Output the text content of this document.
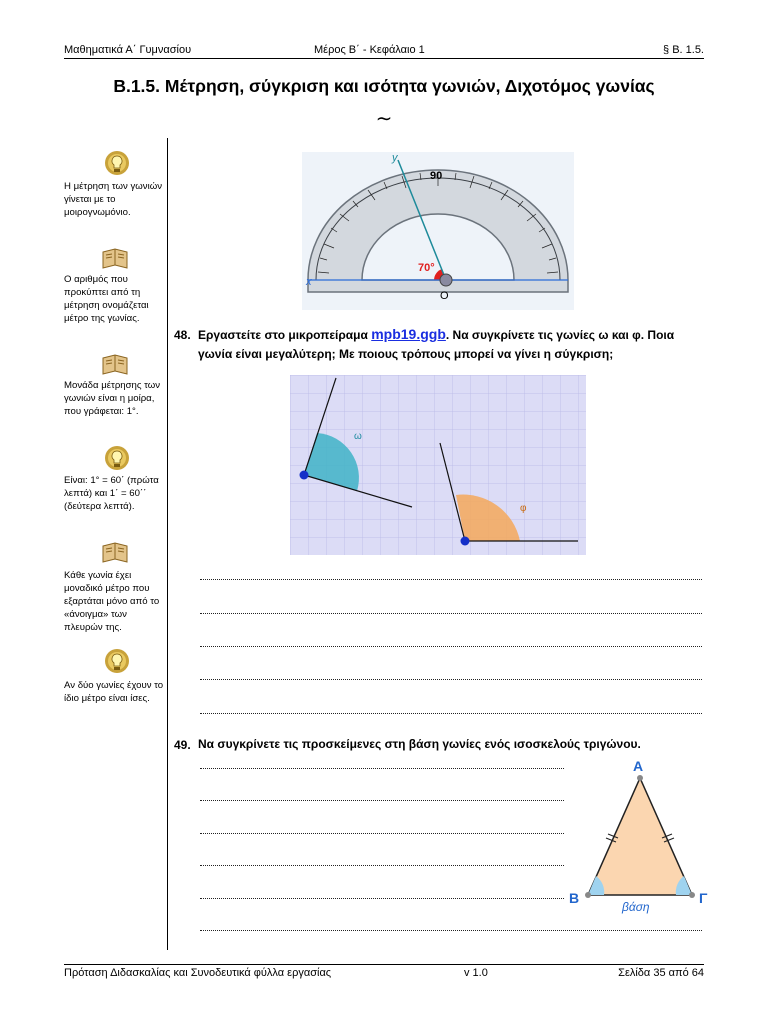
Μαθηματικά Α΄ Γυμνασίου	Μέρος Β΄ - Κεφάλαιο 1	§ Β. 1.5.
Β.1.5. Μέτρηση, σύγκριση και ισότητα γωνιών, Διχοτόμος γωνίας
∼
Η μέτρηση των γωνιών γίνεται με το μοιρογνωμόνιο.
Ο αριθμός που προκύπτει από τη μέτρηση ονομάζεται μέτρο της γωνίας.
Μονάδα μέτρησης των γωνιών είναι η μοίρα, που γράφεται: 1°.
Είναι: 1° = 60΄ (πρώτα λεπτά) και 1΄ = 60΄΄ (δεύτερα λεπτά).
Κάθε γωνία έχει μοναδικό μέτρο που εξαρτάται μόνο από το «άνοιγμα» των πλευρών της.
Αν δύο γωνίες έχουν το ίδιο μέτρο είναι ίσες.
90
70°
O
x
y
48. Εργαστείτε στο μικροπείραμα mpb19.ggb. Να συγκρίνετε τις γωνίες ω και φ. Ποια γωνία είναι μεγαλύτερη; Με ποιους τρόπους μπορεί να γίνει η σύγκριση;
ω
φ
49. Να συγκρίνετε τις προσκείμενες στη βάση γωνίες ενός ισοσκελούς τριγώνου.
Α
Β	Γ
βάση
Πρόταση Διδασκαλίας και Συνοδευτικά φύλλα εργασίας	v 1.0	Σελίδα 35 από 64
